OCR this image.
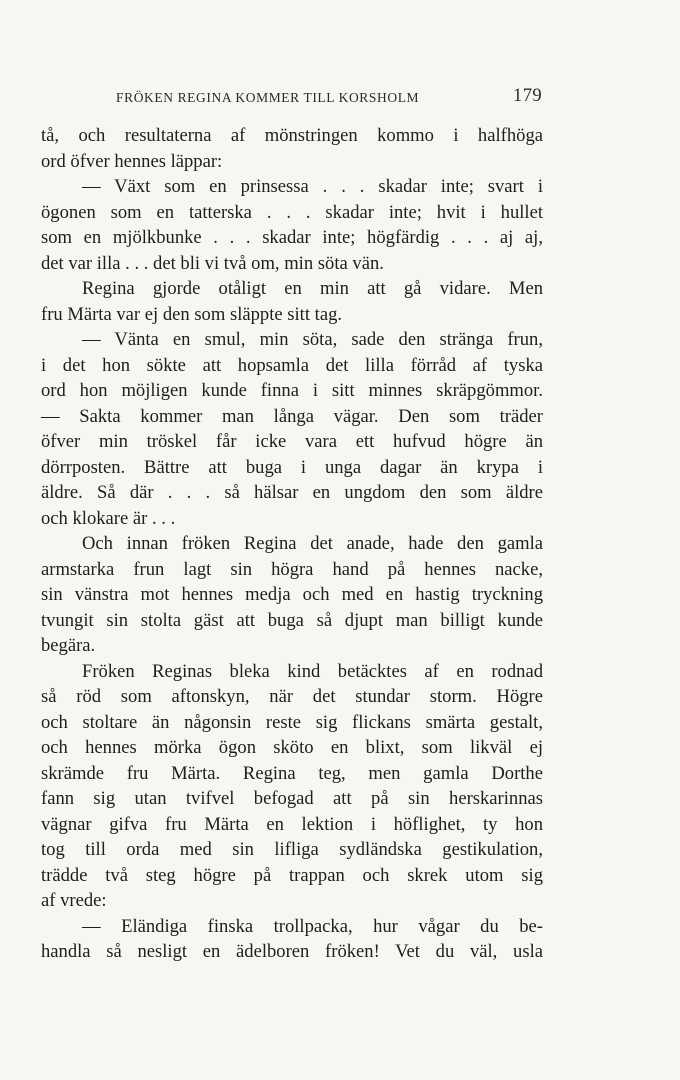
FRÖKEN REGINA KOMMER TILL KORSHOLM	179
tå, och resultaterna af mönstringen kommo i halfhöga
ord öfver hennes läppar:
— Växt som en prinsessa . . . skadar inte; svart i
ögonen som en tatterska . . . skadar inte; hvit i hullet
som en mjölkbunke . . . skadar inte; högfärdig . . . aj aj,
det var illa . . . det bli vi två om, min söta vän.
Regina gjorde otåligt en min att gå vidare. Men
fru Märta var ej den som släppte sitt tag.
— Vänta en smul, min söta, sade den stränga frun,
i det hon sökte att hopsamla det lilla förråd af tyska
ord hon möjligen kunde finna i sitt minnes skräpgömmor.
— Sakta kommer man långa vägar. Den som träder
öfver min tröskel får icke vara ett hufvud högre än
dörrposten. Bättre att buga i unga dagar än krypa i
äldre. Så där . . . så hälsar en ungdom den som äldre
och klokare är . . .
Och innan fröken Regina det anade, hade den gamla
armstarka frun lagt sin högra hand på hennes nacke,
sin vänstra mot hennes medja och med en hastig tryckning
tvungit sin stolta gäst att buga så djupt man billigt kunde
begära.
Fröken Reginas bleka kind betäcktes af en rodnad
så röd som aftonskyn, när det stundar storm. Högre
och stoltare än någonsin reste sig flickans smärta gestalt,
och hennes mörka ögon sköto en blixt, som likväl ej
skrämde fru Märta. Regina teg, men gamla Dorthe
fann sig utan tvifvel befogad att på sin herskarinnas
vägnar gifva fru Märta en lektion i höflighet, ty hon
tog till orda med sin lifliga sydländska gestikulation,
trädde två steg högre på trappan och skrek utom sig
af vrede:
— Eländiga finska trollpacka, hur vågar du be-
handla så nesligt en ädelboren fröken! Vet du väl, usla
